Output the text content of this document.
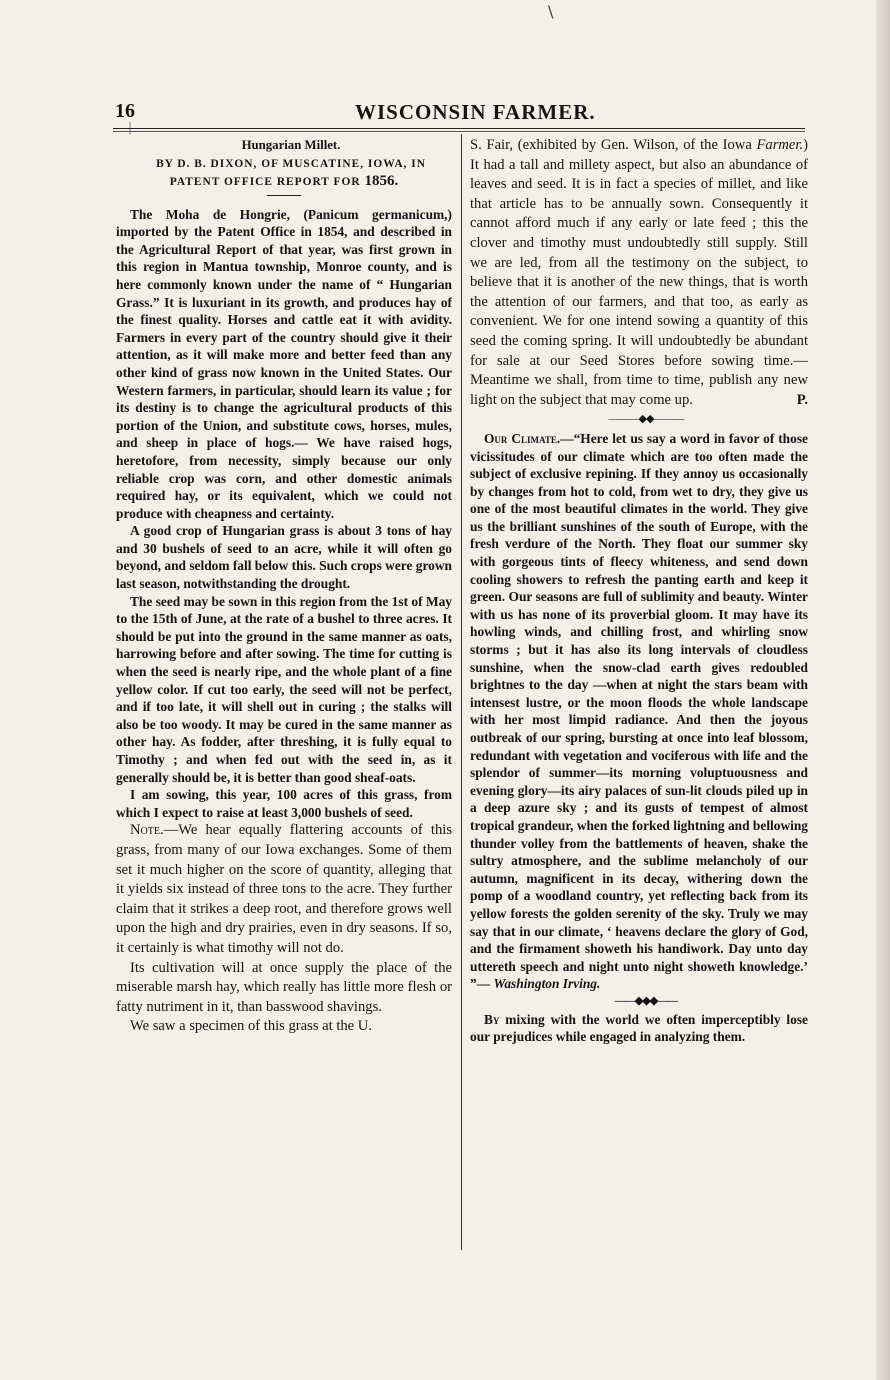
\
|
16	WISCONSIN FARMER.

Hungarian Millet.

BY D. B. DIXON, OF MUSCATINE, IOWA, IN PATENT OFFICE REPORT FOR 1856.

The Moha de Hongrie, (Panicum germanicum,) imported by the Patent Office in 1854, and described in the Agricultural Report of that year, was first grown in this region in Mantua township, Monroe county, and is here commonly known under the name of “ Hungarian Grass.” It is luxuriant in its growth, and produces hay of the finest quality. Horses and cattle eat it with avidity. Farmers in every part of the country should give it their attention, as it will make more and better feed than any other kind of grass now known in the United States. Our Western farmers, in particular, should learn its value ; for its destiny is to change the agricultural products of this portion of the Union, and substitute cows, horses, mules, and sheep in place of hogs.— We have raised hogs, heretofore, from necessity, simply because our only reliable crop was corn, and other domestic animals required hay, or its equivalent, which we could not produce with cheapness and certainty.

A good crop of Hungarian grass is about 3 tons of hay and 30 bushels of seed to an acre, while it will often go beyond, and seldom fall below this. Such crops were grown last season, notwithstanding the drought.

The seed may be sown in this region from the 1st of May to the 15th of June, at the rate of a bushel to three acres. It should be put into the ground in the same manner as oats, harrowing before and after sowing. The time for cutting is when the seed is nearly ripe, and the whole plant of a fine yellow color. If cut too early, the seed will not be perfect, and if too late, it will shell out in curing ; the stalks will also be too woody. It may be cured in the same manner as other hay. As fodder, after threshing, it is fully equal to Timothy ; and when fed out with the seed in, as it generally should be, it is better than good sheaf-oats.

I am sowing, this year, 100 acres of this grass, from which I expect to raise at least 3,000 bushels of seed.

Note.—We hear equally flattering accounts of this grass, from many of our Iowa exchanges. Some of them set it much higher on the score of quantity, alleging that it yields six instead of three tons to the acre. They further claim that it strikes a deep root, and therefore grows well upon the high and dry prairies, even in dry seasons. If so, it certainly is what timothy will not do.

Its cultivation will at once supply the place of the miserable marsh hay, which really has little more flesh or fatty nutriment in it, than basswood shavings.

We saw a specimen of this grass at the U.

S. Fair, (exhibited by Gen. Wilson, of the Iowa Farmer.) It had a tall and millety aspect, but also an abundance of leaves and seed. It is in fact a species of millet, and like that article has to be annually sown. Consequently it cannot afford much if any early or late feed ; this the clover and timothy must undoubtedly still supply. Still we are led, from all the testimony on the subject, to believe that it is another of the new things, that is worth the attention of our farmers, and that too, as early as convenient. We for one intend sowing a quantity of this seed the coming spring. It will undoubtedly be abundant for sale at our Seed Stores before sowing time.— Meantime we shall, from time to time, publish any new light on the subject that may come up.	P.

———◆◆———

Our Climate.—“Here let us say a word in favor of those vicissitudes of our climate which are too often made the subject of exclusive repining. If they annoy us occasionally by changes from hot to cold, from wet to dry, they give us one of the most beautiful climates in the world. They give us the brilliant sunshines of the south of Europe, with the fresh verdure of the North. They float our summer sky with gorgeous tints of fleecy whiteness, and send down cooling showers to refresh the panting earth and keep it green. Our seasons are full of sublimity and beauty. Winter with us has none of its proverbial gloom. It may have its howling winds, and chilling frost, and whirling snow storms ; but it has also its long intervals of cloudless sunshine, when the snow-clad earth gives redoubled brightnes to the day —when at night the stars beam with intensest lustre, or the moon floods the whole landscape with her most limpid radiance. And then the joyous outbreak of our spring, bursting at once into leaf blossom, redundant with vegetation and vociferous with life and the splendor of summer—its morning voluptuousness and evening glory—its airy palaces of sun-lit clouds piled up in a deep azure sky ; and its gusts of tempest of almost tropical grandeur, when the forked lightning and bellowing thunder volley from the battlements of heaven, shake the sultry atmosphere, and the sublime melancholy of our autumn, magnificent in its decay, withering down the pomp of a woodland country, yet reflecting back from its yellow forests the golden serenity of the sky. Truly we may say that in our climate, ‘ heavens declare the glory of God, and the firmament showeth his handiwork. Day unto day uttereth speech and night unto night showeth knowledge.’ ”— Washington Irving.

——◆◆◆——

By mixing with the world we often imperceptibly lose our prejudices while engaged in analyzing them.
